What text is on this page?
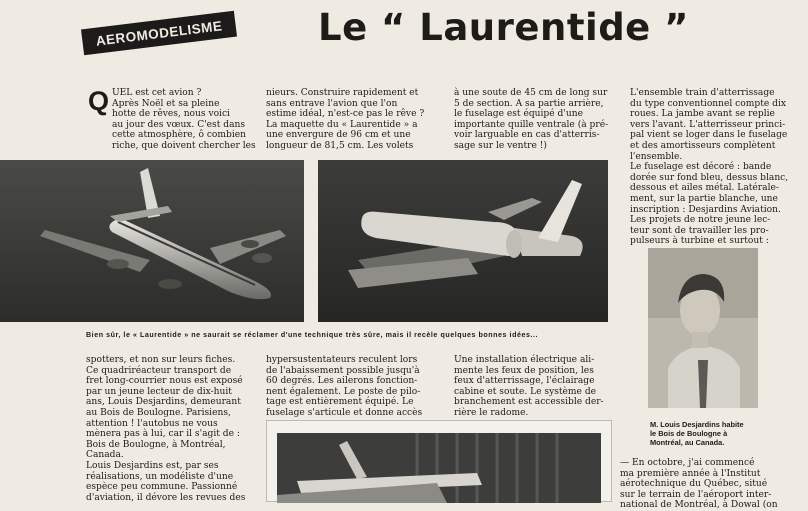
AEROMODELISME	Le “ Laurentide ”
Q UEL est cet avion ?
Après Noël et sa pleine
hotte de rêves, nous voici
au jour des vœux. C'est dans
cette atmosphère, ô combien
riche, que doivent chercher les
nieurs. Construire rapidement et
sans entrave l'avion que l'on
estime idéal, n'est-ce pas le rêve ?
La maquette du « Laurentide » a
une envergure de 96 cm et une
longueur de 81,5 cm. Les volets
à une soute de 45 cm de long sur
5 de section. A sa partie arrière,
le fuselage est équipé d'une
importante quille ventrale (à pré-
voir larguable en cas d'atterris-
sage sur le ventre !)
L'ensemble train d'atterrissage
du type conventionnel compte dix
roues. La jambe avant se replie
vers l'avant. L'atterrisseur princi-
pal vient se loger dans le fuselage
et des amortisseurs complètent
l'ensemble.
Le fuselage est décoré : bande
dorée sur fond bleu, dessus blanc,
dessous et ailes métal. Latérale-
ment, sur la partie blanche, une
inscription : Desjardins Aviation.
Les projets de notre jeune lec-
teur sont de travailler les pro-
pulseurs à turbine et surtout :
Bien sûr, le « Laurentide » ne saurait se réclamer d'une technique très sûre, mais il recèle quelques bonnes idées...
M. Louis Desjardins habite
le Bois de Boulogne à
Montréal, au Canada.
spotters, et non sur leurs fiches.
Ce quadriréacteur transport de
fret long-courrier nous est exposé
par un jeune lecteur de dix-huit
ans, Louis Desjardins, demeurant
au Bois de Boulogne. Parisiens,
attention ! l'autobus ne vous
mènera pas à lui, car il s'agit de :
Bois de Boulogne, à Montréal,
Canada.
Louis Desjardins est, par ses
réalisations, un modéliste d'une
espèce peu commune. Passionné
d'aviation, il dévore les revues des
hypersustentateurs reculent lors
de l'abaissement possible jusqu'à
60 degrés. Les ailerons fonction-
nent également. Le poste de pilo-
tage est entièrement équipé. Le
fuselage s'articule et donne accès
Une installation électrique ali-
mente les feux de position, les
feux d'atterrissage, l'éclairage
cabine et soute. Le système de
branchement est accessible der-
rière le radome.
— En octobre, j'ai commencé
ma première année à l'Institut
aérotechnique du Québec, situé
sur le terrain de l'aéroport inter-
national de Montréal, à Dowal (on
